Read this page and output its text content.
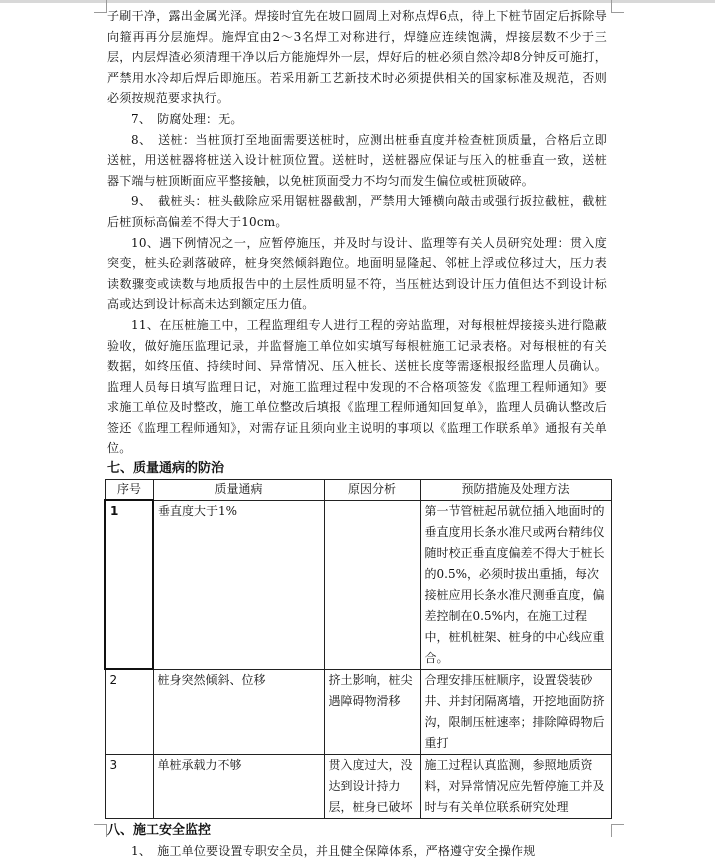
子刷干净，露出金属光泽。焊接时宜先在坡口圆周上对称点焊6点，待上下桩节固定后拆除导向箍再再分层施焊。施焊宜由2～3名焊工对称进行，焊缝应连续饱满，焊接层数不少于三层，内层焊渣必须清理干净以后方能施焊外一层，焊好后的桩必须自然冷却8分钟反可施打，严禁用水冷却后焊后即施压。若采用新工艺新技术时必须提供相关的国家标准及规范，否则必须按规范要求执行。

7、　防腐处理：无。

8、　送桩：当桩顶打至地面需要送桩时，应测出桩垂直度并检查桩顶质量，合格后立即送桩，用送桩器将桩送入设计桩顶位置。送桩时，送桩器应保证与压入的桩垂直一致，送桩器下端与桩顶断面应平整接触，以免桩顶面受力不均匀而发生偏位或桩顶破碎。

9、　截桩头：桩头截除应采用锯桩器截割，严禁用大锤横向敲击或强行扳拉截桩，截桩后桩顶标高偏差不得大于10cm。

10、遇下例情况之一，应暂停施压，并及时与设计、监理等有关人员研究处理：贯入度突变，桩头砼剥落破碎，桩身突然倾斜跑位。地面明显隆起、邻桩上浮或位移过大，压力表读数骤变或读数与地质报告中的土层性质明显不符，当压桩达到设计压力值但达不到设计标高或达到设计标高未达到额定压力值。

11、在压桩施工中，工程监理组专人进行工程的旁站监理，对每根桩焊接接头进行隐蔽验收，做好施压监理记录，并监督施工单位如实填写每根桩施工记录表格。对每根桩的有关数据，如终压值、持续时间、异常情况、压入桩长、送桩长度等需逐根报经监理人员确认。监理人员每日填写监理日记，对施工监理过程中发现的不合格项签发《监理工程师通知》要求施工单位及时整改，施工单位整改后填报《监理工程师通知回复单》，监理人员确认整改后签还《监理工程师通知》，对需存证且须向业主说明的事项以《监理工作联系单》通报有关单位。

七、质量通病的防治
序号	质量通病	原因分析	预防措施及处理方法
1	垂直度大于1%		第一节管桩起吊就位插入地面时的垂直度用长条水准尺或两台精纬仪随时校正垂直度偏差不得大于桩长的0.5%，必须时拔出重插，每次接桩应用长条水准尺测垂直度，偏差控制在0.5%内，在施工过程中，桩机桩架、桩身的中心线应重合。
2	桩身突然倾斜、位移	挤土影响，桩尖遇障碍物滑移	合理安排压桩顺序，设置袋装砂井、并封闭隔离墙，开挖地面防挤沟，限制压桩速率；排除障碍物后重打
3	单桩承载力不够	贯入度过大，没达到设计持力层，桩身已破坏	施工过程认真监测，参照地质资料，对异常情况应先暂停施工并及时与有关单位联系研究处理
八、施工安全监控

1、　施工单位要设置专职安全员，并且健全保障体系，严格遵守安全操作规
